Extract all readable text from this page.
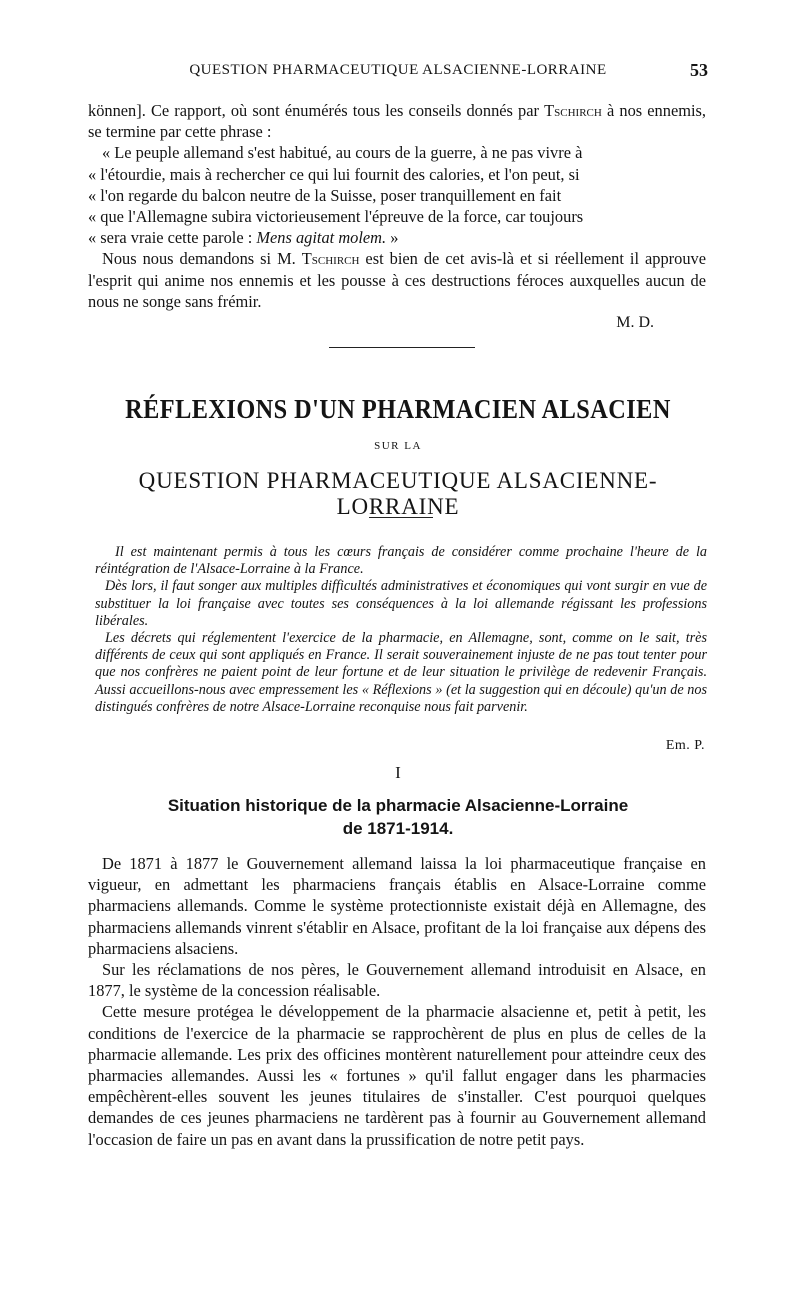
QUESTION PHARMACEUTIQUE ALSACIENNE-LORRAINE	53

können]. Ce rapport, où sont énumérés tous les conseils donnés par Tschirch à nos ennemis, se termine par cette phrase :

« Le peuple allemand s'est habitué, au cours de la guerre, à ne pas vivre à

« l'étourdie, mais à rechercher ce qui lui fournit des calories, et l'on peut, si

« l'on regarde du balcon neutre de la Suisse, poser tranquillement en fait

« que l'Allemagne subira victorieusement l'épreuve de la force, car toujours

« sera vraie cette parole : Mens agitat molem. »

Nous nous demandons si M. Tschirch est bien de cet avis-là et si réellement il approuve l'esprit qui anime nos ennemis et les pousse à ces destructions féroces auxquelles aucun de nous ne songe sans frémir.

M. D.

RÉFLEXIONS D'UN PHARMACIEN ALSACIEN
SUR LA
QUESTION PHARMACEUTIQUE ALSACIENNE-LORRAINE

Il est maintenant permis à tous les cœurs français de considérer comme prochaine l'heure de la réintégration de l'Alsace-Lorraine à la France.

Dès lors, il faut songer aux multiples difficultés administratives et économiques qui vont surgir en vue de substituer la loi française avec toutes ses conséquences à la loi allemande régissant les professions libérales.

Les décrets qui réglementent l'exercice de la pharmacie, en Allemagne, sont, comme on le sait, très différents de ceux qui sont appliqués en France. Il serait souverainement injuste de ne pas tout tenter pour que nos confrères ne paient point de leur fortune et de leur situation le privilège de redevenir Français. Aussi accueillons-nous avec empressement les « Réflexions » (et la suggestion qui en découle) qu'un de nos distingués confrères de notre Alsace-Lorraine reconquise nous fait parvenir.

Em. P.
I
Situation historique de la pharmacie Alsacienne-Lorraine
de 1871-1914.

De 1871 à 1877 le Gouvernement allemand laissa la loi pharmaceutique française en vigueur, en admettant les pharmaciens français établis en Alsace-Lorraine comme pharmaciens allemands. Comme le système protectionniste existait déjà en Allemagne, des pharmaciens allemands vinrent s'établir en Alsace, profitant de la loi française aux dépens des pharmaciens alsaciens.

Sur les réclamations de nos pères, le Gouvernement allemand introduisit en Alsace, en 1877, le système de la concession réalisable.

Cette mesure protégea le développement de la pharmacie alsacienne et, petit à petit, les conditions de l'exercice de la pharmacie se rapprochèrent de plus en plus de celles de la pharmacie allemande. Les prix des officines montèrent naturellement pour atteindre ceux des pharmacies allemandes. Aussi les « fortunes » qu'il fallut engager dans les pharmacies empêchèrent-elles souvent les jeunes titulaires de s'installer. C'est pourquoi quelques demandes de ces jeunes pharmaciens ne tardèrent pas à fournir au Gouvernement allemand l'occasion de faire un pas en avant dans la prussification de notre petit pays.
